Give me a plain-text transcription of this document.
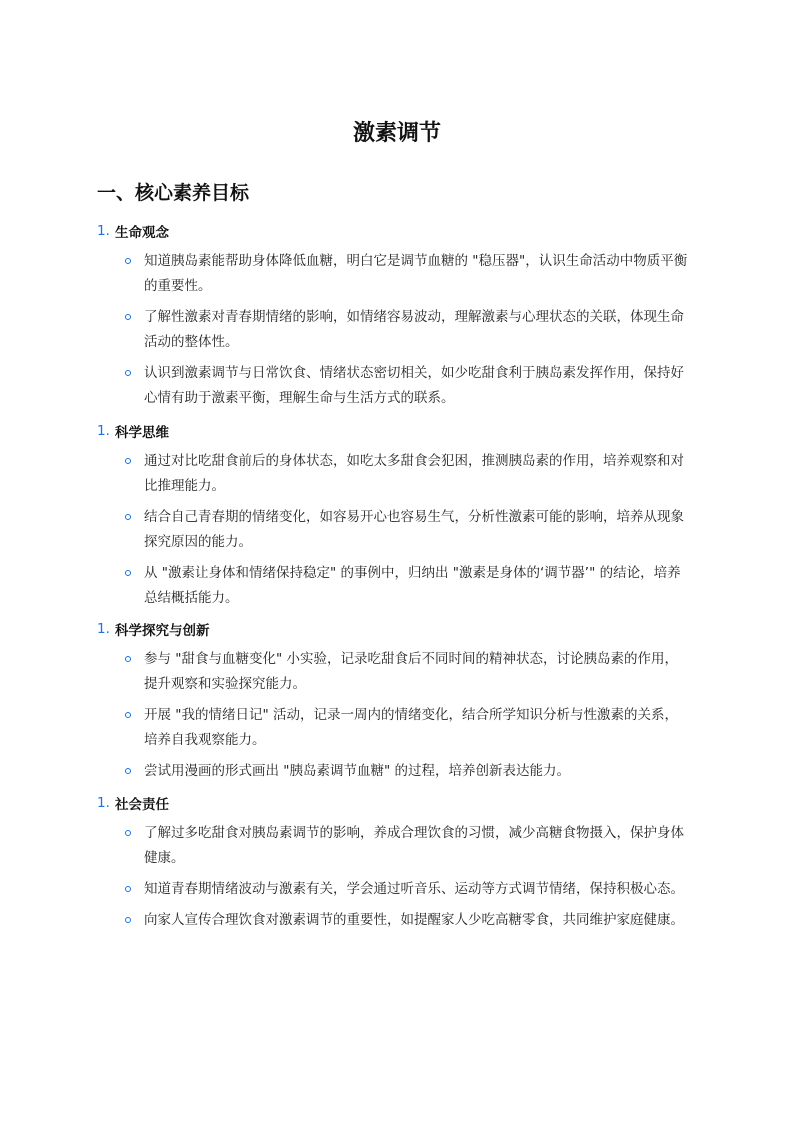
激素调节
一、核心素养目标
1. 生命观念
知道胰岛素能帮助身体降低血糖，明白它是调节血糖的 "稳压器"，认识生命活动中物质平衡的重要性。
了解性激素对青春期情绪的影响，如情绪容易波动，理解激素与心理状态的关联，体现生命活动的整体性。
认识到激素调节与日常饮食、情绪状态密切相关，如少吃甜食利于胰岛素发挥作用，保持好心情有助于激素平衡，理解生命与生活方式的联系。
1. 科学思维
通过对比吃甜食前后的身体状态，如吃太多甜食会犯困，推测胰岛素的作用，培养观察和对比推理能力。
结合自己青春期的情绪变化，如容易开心也容易生气，分析性激素可能的影响，培养从现象探究原因的能力。
从 "激素让身体和情绪保持稳定" 的事例中，归纳出 "激素是身体的‘调节器’" 的结论，培养总结概括能力。
1. 科学探究与创新
参与 "甜食与血糖变化" 小实验，记录吃甜食后不同时间的精神状态，讨论胰岛素的作用，提升观察和实验探究能力。
开展 "我的情绪日记" 活动，记录一周内的情绪变化，结合所学知识分析与性激素的关系，培养自我观察能力。
尝试用漫画的形式画出 "胰岛素调节血糖" 的过程，培养创新表达能力。
1. 社会责任
了解过多吃甜食对胰岛素调节的影响，养成合理饮食的习惯，减少高糖食物摄入，保护身体健康。
知道青春期情绪波动与激素有关，学会通过听音乐、运动等方式调节情绪，保持积极心态。
向家人宣传合理饮食对激素调节的重要性，如提醒家人少吃高糖零食，共同维护家庭健康。
